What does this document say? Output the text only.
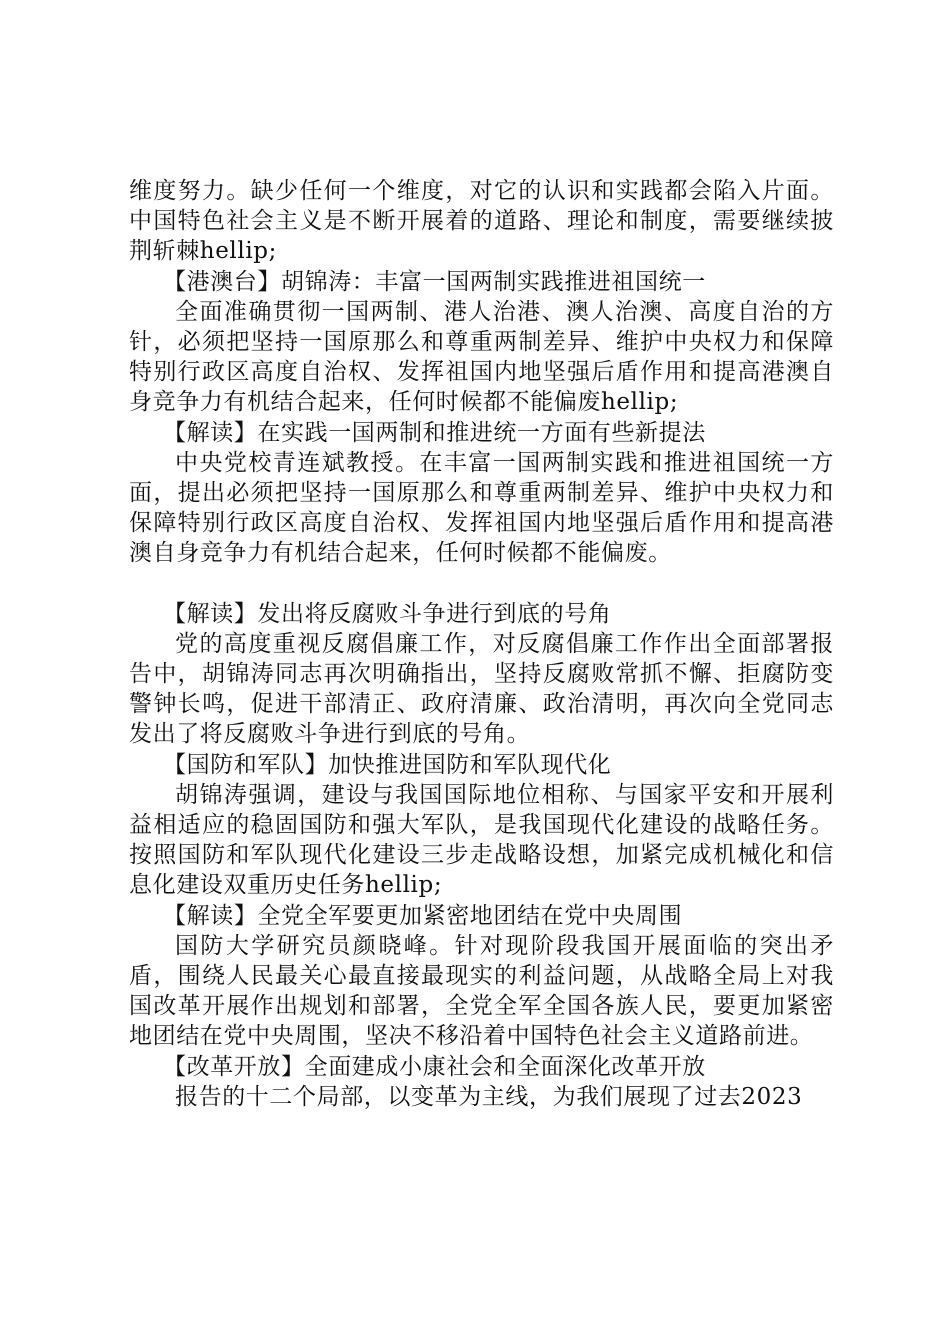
维度努力。缺少任何一个维度，对它的认识和实践都会陷入片面。中国特色社会主义是不断开展着的道路、理论和制度，需要继续披荆斩棘hellip;

【港澳台】胡锦涛：丰富一国两制实践推进祖国统一

全面准确贯彻一国两制、港人治港、澳人治澳、高度自治的方针，必须把坚持一国原那么和尊重两制差异、维护中央权力和保障特别行政区高度自治权、发挥祖国内地坚强后盾作用和提高港澳自身竞争力有机结合起来，任何时候都不能偏废hellip;

【解读】在实践一国两制和推进统一方面有些新提法

中央党校青连斌教授。在丰富一国两制实践和推进祖国统一方面，提出必须把坚持一国原那么和尊重两制差异、维护中央权力和保障特别行政区高度自治权、发挥祖国内地坚强后盾作用和提高港澳自身竞争力有机结合起来，任何时候都不能偏废。

【解读】发出将反腐败斗争进行到底的号角

党的高度重视反腐倡廉工作，对反腐倡廉工作作出全面部署报告中，胡锦涛同志再次明确指出，坚持反腐败常抓不懈、拒腐防变警钟长鸣，促进干部清正、政府清廉、政治清明，再次向全党同志发出了将反腐败斗争进行到底的号角。

【国防和军队】加快推进国防和军队现代化

胡锦涛强调，建设与我国国际地位相称、与国家平安和开展利益相适应的稳固国防和强大军队，是我国现代化建设的战略任务。按照国防和军队现代化建设三步走战略设想，加紧完成机械化和信息化建设双重历史任务hellip;

【解读】全党全军要更加紧密地团结在党中央周围

国防大学研究员颜晓峰。针对现阶段我国开展面临的突出矛盾，围绕人民最关心最直接最现实的利益问题，从战略全局上对我国改革开展作出规划和部署，全党全军全国各族人民，要更加紧密地团结在党中央周围，坚决不移沿着中国特色社会主义道路前进。

【改革开放】全面建成小康社会和全面深化改革开放

报告的十二个局部，以变革为主线，为我们展现了过去2023
